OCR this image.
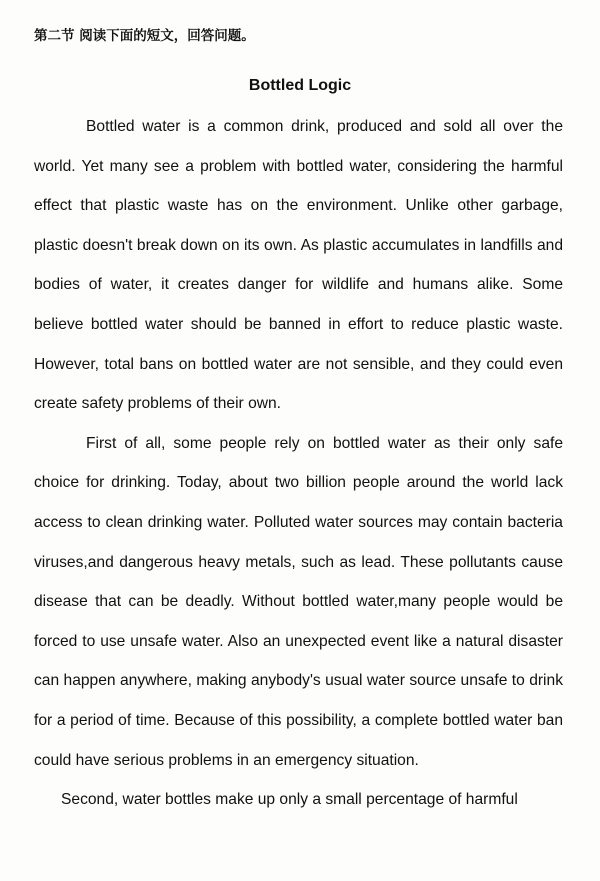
第二节 阅读下面的短文，回答问题。
Bottled Logic

Bottled water is a common drink, produced and sold all over the world. Yet many see a problem with bottled water, considering the harmful effect that plastic waste has on the environment. Unlike other garbage, plastic doesn't break down on its own. As plastic accumulates in landfills and bodies of water, it creates danger for wildlife and humans alike. Some believe bottled water should be banned in effort to reduce plastic waste. However, total bans on bottled water are not sensible, and they could even create safety problems of their own.

First of all, some people rely on bottled water as their only safe choice for drinking. Today, about two billion people around the world lack access to clean drinking water. Polluted water sources may contain bacteria viruses,and dangerous heavy metals, such as lead. These pollutants cause disease that can be deadly. Without bottled water,many people would be forced to use unsafe water. Also an unexpected event like a natural disaster can happen anywhere, making anybody's usual water source unsafe to drink for a period of time. Because of this possibility, a complete bottled water ban could have serious problems in an emergency situation.

Second, water bottles make up only a small percentage of harmful
